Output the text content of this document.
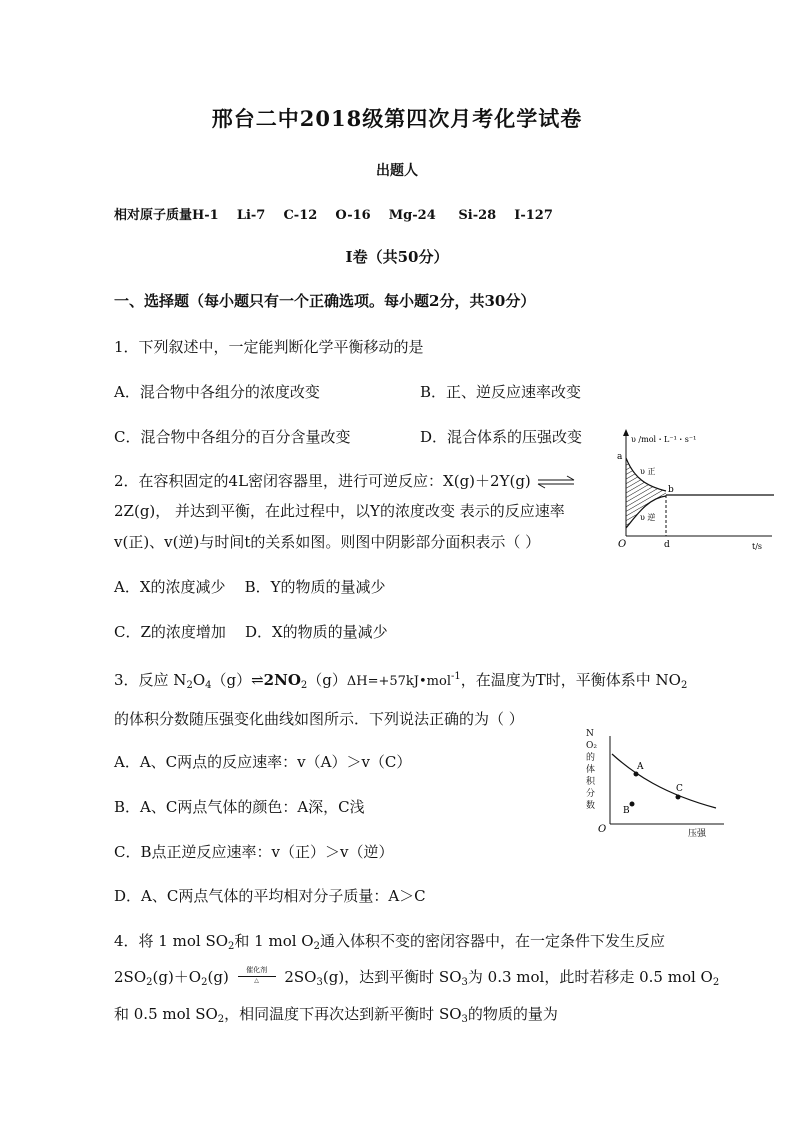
邢台二中2018级第四次月考化学试卷
出题人
相对原子质量H-1    Li-7    C-12    O-16    Mg-24     Si-28    I-127
Ⅰ卷（共50分）
一、选择题（每小题只有一个正确选项。每小题2分，共30分）
1．下列叙述中，一定能判断化学平衡移动的是
A．混合物中各组分的浓度改变	B．正、逆反应速率改变
C．混合物中各组分的百分含量改变	D．混合体系的压强改变
2．在容积固定的4L密闭容器里，进行可逆反应：X(g)＋2Y(g) ⇌
2Z(g)， 并达到平衡，在此过程中，以Y的浓度改变 表示的反应速率
v(正)、v(逆)与时间t的关系如图。则图中阴影部分面积表示（ ）
A．X的浓度减少    B．Y的物质的量减少
C．Z的浓度增加    D．X的物质的量减少
υ /mol・L⁻¹・s⁻¹
a
b
υ 正
υ 逆
O	d	t/s
3．反应 $N_2O_4(g)\rightleftharpoons 2NO_2(g)\Delta H=+57kJ•mol^{-1}$，在温度为T时，平衡体系中 $NO_2$
的体积分数随压强变化曲线如图所示．下列说法正确的为（ ）
A．A、C两点的反应速率：v（A）＞v（C）
B．A、C两点气体的颜色：A深，C浅
C．B点正逆反应速率：v（正）＞v（逆）
D．A、C两点气体的平均相对分子质量：A＞C
A
B
C
O	压强
NO₂的体积分数
4．将 1 mol $SO_2$和 1 mol $O_2$通入体积不变的密闭容器中，在一定条件下发生反应
$2SO_2(g)+O_2(g)$	催化剂
△	$2SO_3(g)$，达到平衡时 $SO_3$为 0.3 mol，此时若移走 0.5 mol $O_2$
和 0.5 mol $SO_2$，相同温度下再次达到新平衡时 $SO_3$的物质的量为
